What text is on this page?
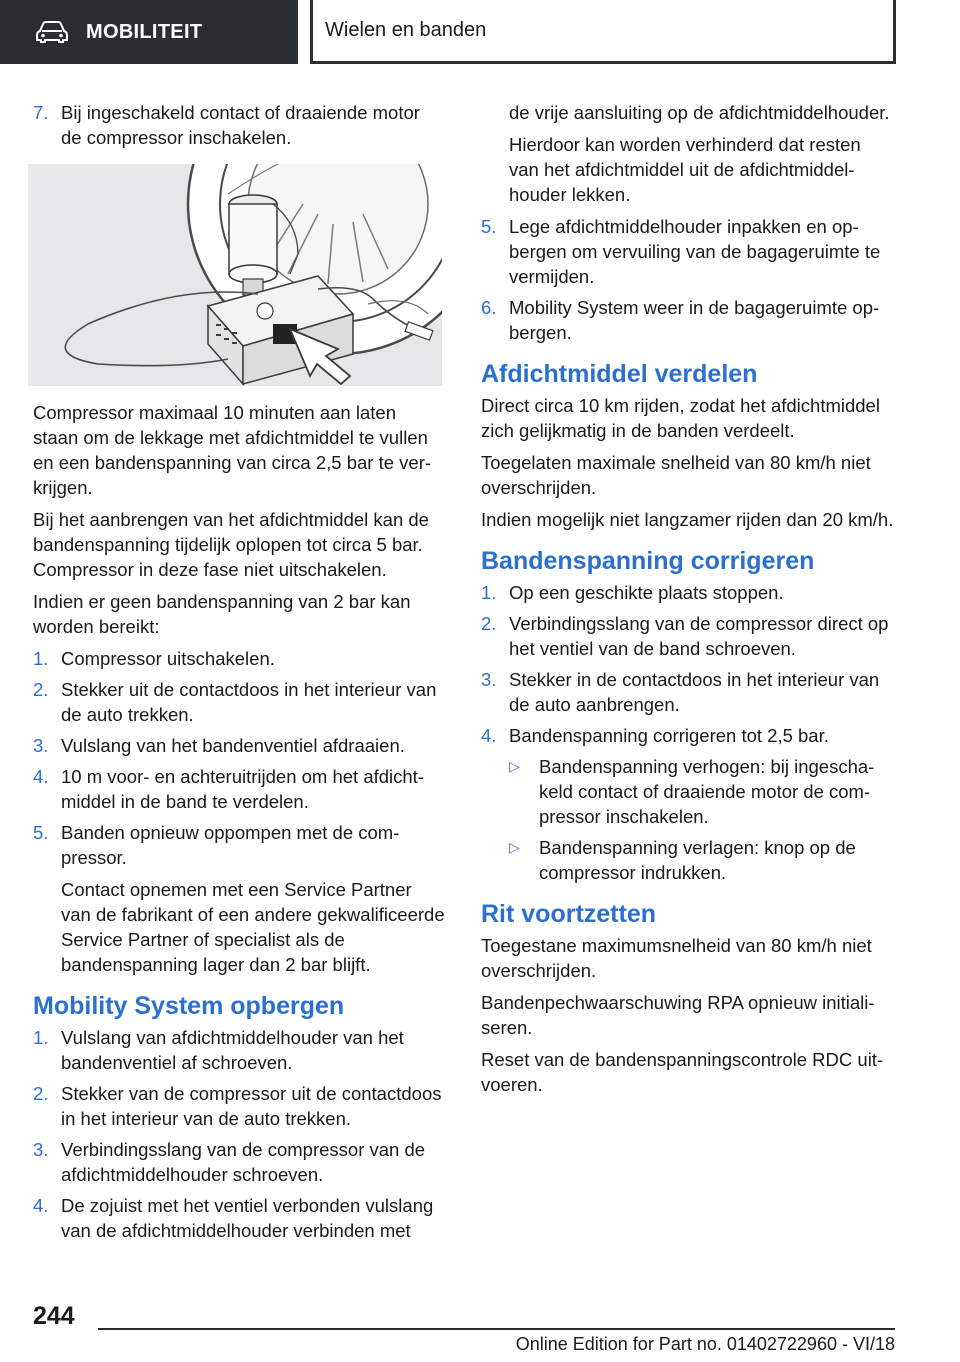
MOBILITEIT	Wielen en banden
7. Bij ingeschakeld contact of draaiende motor de compressor inschakelen.

Compressor maximaal 10 minuten aan laten staan om de lekkage met afdichtmiddel te vullen en een bandenspanning van circa 2,5 bar te verkrijgen.

Bij het aanbrengen van het afdichtmiddel kan de bandenspanning tijdelijk oplopen tot circa 5 bar. Compressor in deze fase niet uitschakelen.

Indien er geen bandenspanning van 2 bar kan worden bereikt:

1. Compressor uitschakelen.
2. Stekker uit de contactdoos in het interieur van de auto trekken.
3. Vulslang van het bandenventiel afdraaien.
4. 10 m voor- en achteruitrijden om het afdichtmiddel in de band te verdelen.
5. Banden opnieuw oppompen met de compressor.
Contact opnemen met een Service Partner van de fabrikant of een andere gekwalificeerde Service Partner of specialist als de bandenspanning lager dan 2 bar blijft.
Mobility System opbergen
1. Vulslang van afdichtmiddelhouder van het bandenventiel af schroeven.
2. Stekker van de compressor uit de contactdoos in het interieur van de auto trekken.
3. Verbindingsslang van de compressor van de afdichtmiddelhouder schroeven.
4. De zojuist met het ventiel verbonden vulslang van de afdichtmiddelhouder verbinden met

de vrije aansluiting op de afdichtmiddelhouder.

Hierdoor kan worden verhinderd dat resten van het afdichtmiddel uit de afdichtmiddelhouder lekken.

5. Lege afdichtmiddelhouder inpakken en opbergen om vervuiling van de bagageruimte te vermijden.
6. Mobility System weer in de bagageruimte opbergen.
Afdichtmiddel verdelen

Direct circa 10 km rijden, zodat het afdichtmiddel zich gelijkmatig in de banden verdeelt.

Toegelaten maximale snelheid van 80 km/h niet overschrijden.

Indien mogelijk niet langzamer rijden dan 20 km/h.

Bandenspanning corrigeren
1. Op een geschikte plaats stoppen.
2. Verbindingsslang van de compressor direct op het ventiel van de band schroeven.
3. Stekker in de contactdoos in het interieur van de auto aanbrengen.
4. Bandenspanning corrigeren tot 2,5 bar.
▷ Bandenspanning verhogen: bij ingeschakeld contact of draaiende motor de compressor inschakelen.
▷ Bandenspanning verlagen: knop op de compressor indrukken.
Rit voortzetten

Toegestane maximumsnelheid van 80 km/h niet overschrijden.

Bandenpechwaarschuwing RPA opnieuw initialiseren.

Reset van de bandenspanningscontrole RDC uitvoeren.

244
Online Edition for Part no. 01402722960 - VI/18
